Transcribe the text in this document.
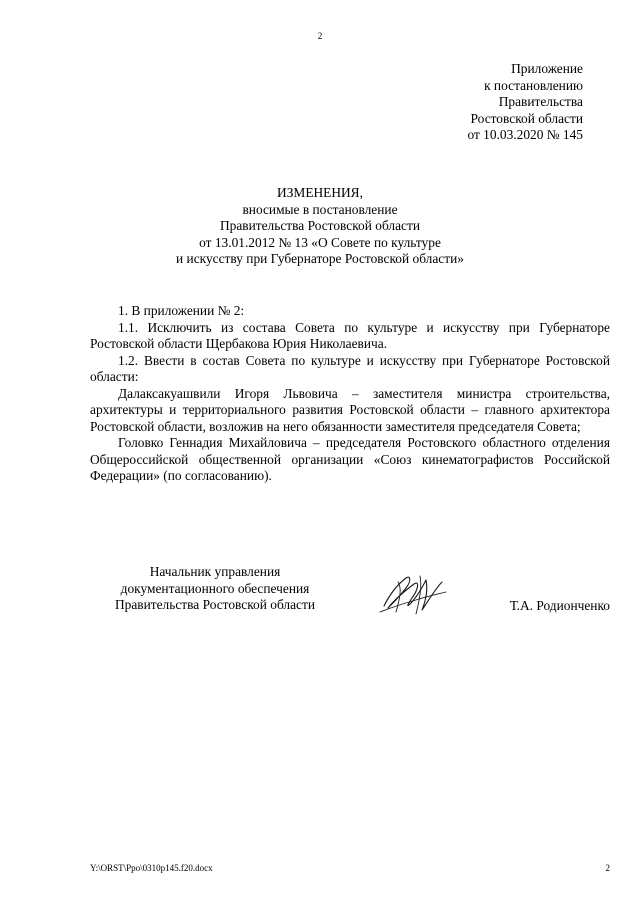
2
Приложение
к постановлению
Правительства
Ростовской области
от 10.03.2020 № 145
ИЗМЕНЕНИЯ,
вносимые в постановление
Правительства Ростовской области
от 13.01.2012 № 13 «О Совете по культуре
и искусству при Губернаторе Ростовской области»

1. В приложении № 2:

1.1. Исключить из состава Совета по культуре и искусству при Губернаторе Ростовской области Щербакова Юрия Николаевича.

1.2. Ввести в состав Совета по культуре и искусству при Губернаторе Ростовской области:

Далаксакуашвили Игоря Львовича – заместителя министра строительства, архитектуры и территориального развития Ростовской области – главного архитектора Ростовской области, возложив на него обязанности заместителя председателя Совета;

Головко Геннадия Михайловича – председателя Ростовского областного отделения Общероссийской общественной организации «Союз кинематографистов Российской Федерации» (по согласованию).

Начальник управления
документационного обеспечения
Правительства Ростовской области	Т.А. Родионченко
Y:\ORST\Ppo\0310p145.f20.docx	2
